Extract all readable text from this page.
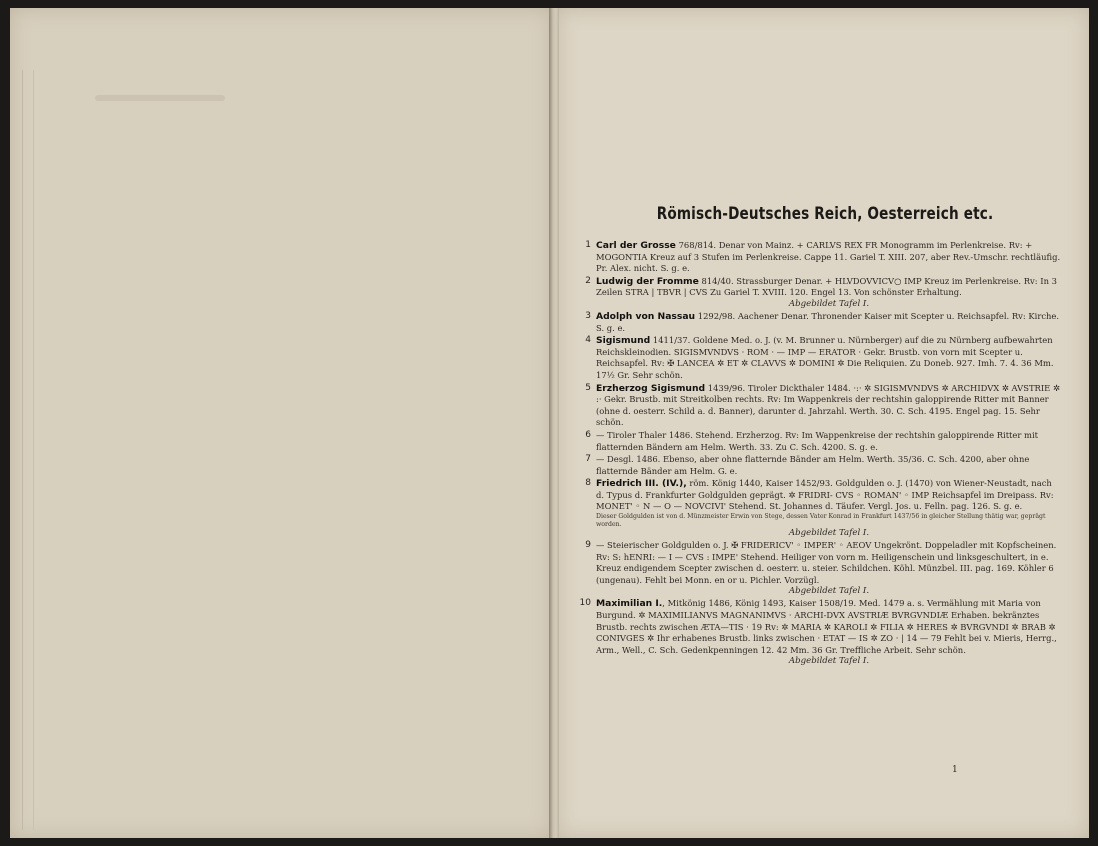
Römisch-Deutsches Reich, Oesterreich etc.
1 Carl der Grosse 768/814. Denar von Mainz. + CARLVS REX FR Monogramm im Perlenkreise. Rv: + MOGONTIA Kreuz auf 3 Stufen im Perlenkreise. Cappe 11. Gariel T. XIII. 207, aber Rev.-Umschr. rechtläufig. Pr. Alex. nicht. S. g. e.
2 Ludwig der Fromme 814/40. Strassburger Denar. + HLVDOVVICV○ IMP Kreuz im Perlenkreise. Rv: In 3 Zeilen STRA | TBVR | CVS Zu Gariel T. XVIII. 120. Engel 13. Von schönster Erhaltung.
Abgebildet Tafel I.
3 Adolph von Nassau 1292/98. Aachener Denar. Thronender Kaiser mit Scepter u. Reichsapfel. Rv: Kirche. S. g. e.
4 Sigismund 1411/37. Goldene Med. o. J. (v. M. Brunner u. Nürnberger) auf die zu Nürnberg aufbewahrten Reichskleinodien. SIGISMVNDVS · ROM · — IMP — ERATOR · Gekr. Brustb. von vorn mit Scepter u. Reichsapfel. Rv: ✠ LANCEA ✲ ET ✲ CLAVVS ✲ DOMINI ✲ Die Reliquien. Zu Doneb. 927. Imh. 7. 4. 36 Mm. 17½ Gr. Sehr schön.
5 Erzherzog Sigismund 1439/96. Tiroler Dickthaler 1484. ·:· ✲ SIGISMVNDVS ✲ ARCHIDVX ✲ AVSTRIE ✲ :· Gekr. Brustb. mit Streitkolben rechts. Rv: Im Wappenkreis der rechtshin galoppirende Ritter mit Banner (ohne d. oesterr. Schild a. d. Banner), darunter d. Jahrzahl. Werth. 30. C. Sch. 4195. Engel pag. 15. Sehr schön.
6 — Tiroler Thaler 1486. Stehend. Erzherzog. Rv: Im Wappenkreise der rechtshin galoppirende Ritter mit flatternden Bändern am Helm. Werth. 33. Zu C. Sch. 4200. S. g. e.
7 — Desgl. 1486. Ebenso, aber ohne flatternde Bänder am Helm. Werth. 35/36. C. Sch. 4200, aber ohne flatternde Bänder am Helm. G. e.
8 Friedrich III. (IV.), röm. König 1440, Kaiser 1452/93. Goldgulden o. J. (1470) von Wiener-Neustadt, nach d. Typus d. Frankfurter Goldgulden geprägt. ✲ FRIDRI- CVS ◦ ROMAN' ◦ IMP Reichsapfel im Dreipass. Rv: MONET' ◦ N — O — NOVCIVI' Stehend. St. Johannes d. Täufer. Vergl. Jos. u. Felln. pag. 126. S. g. e.
Dieser Goldgulden ist von d. Münzmeister Erwin von Stege, dessen Vater Konrad in Frankfurt 1437/56 in gleicher Stellung thätig war, geprägt worden.
Abgebildet Tafel I.
9 — Steierischer Goldgulden o. J. ✠ FRIDERICV' ◦ IMPER' ◦ AEOV Ungekrönt. Doppeladler mit Kopfscheinen. Rv: S: hENRI: — I — CVS : IMPE' Stehend. Heiliger von vorn m. Heiligenschein und linksgeschultert, in e. Kreuz endigendem Scepter zwischen d. oesterr. u. steier. Schildchen. Köhl. Münzbel. III. pag. 169. Köhler 6 (ungenau). Fehlt bei Monn. en or u. Pichler. Vorzügl.
Abgebildet Tafel I.
10 Maximilian I., Mitkönig 1486, König 1493, Kaiser 1508/19. Med. 1479 a. s. Vermählung mit Maria von Burgund. ✲ MAXIMILIANVS MAGNANIMVS · ARCHI-DVX AVSTRIÆ BVRGVNDIÆ Erhaben. bekränztes Brustb. rechts zwischen ÆTA—TIS · 19 Rv: ✲ MARIA ✲ KAROLI ✲ FILIA ✲ HERES ✲ BVRGVNDI ✲ BRAB ✲ CONIVGES ✲ Ihr erhabenes Brustb. links zwischen · ETAT — IS ✲ ZO · | 14 — 79 Fehlt bei v. Mieris, Herrg., Arm., Well., C. Sch. Gedenkpenningen 12. 42 Mm. 36 Gr. Treffliche Arbeit. Sehr schön.
Abgebildet Tafel I.
1
